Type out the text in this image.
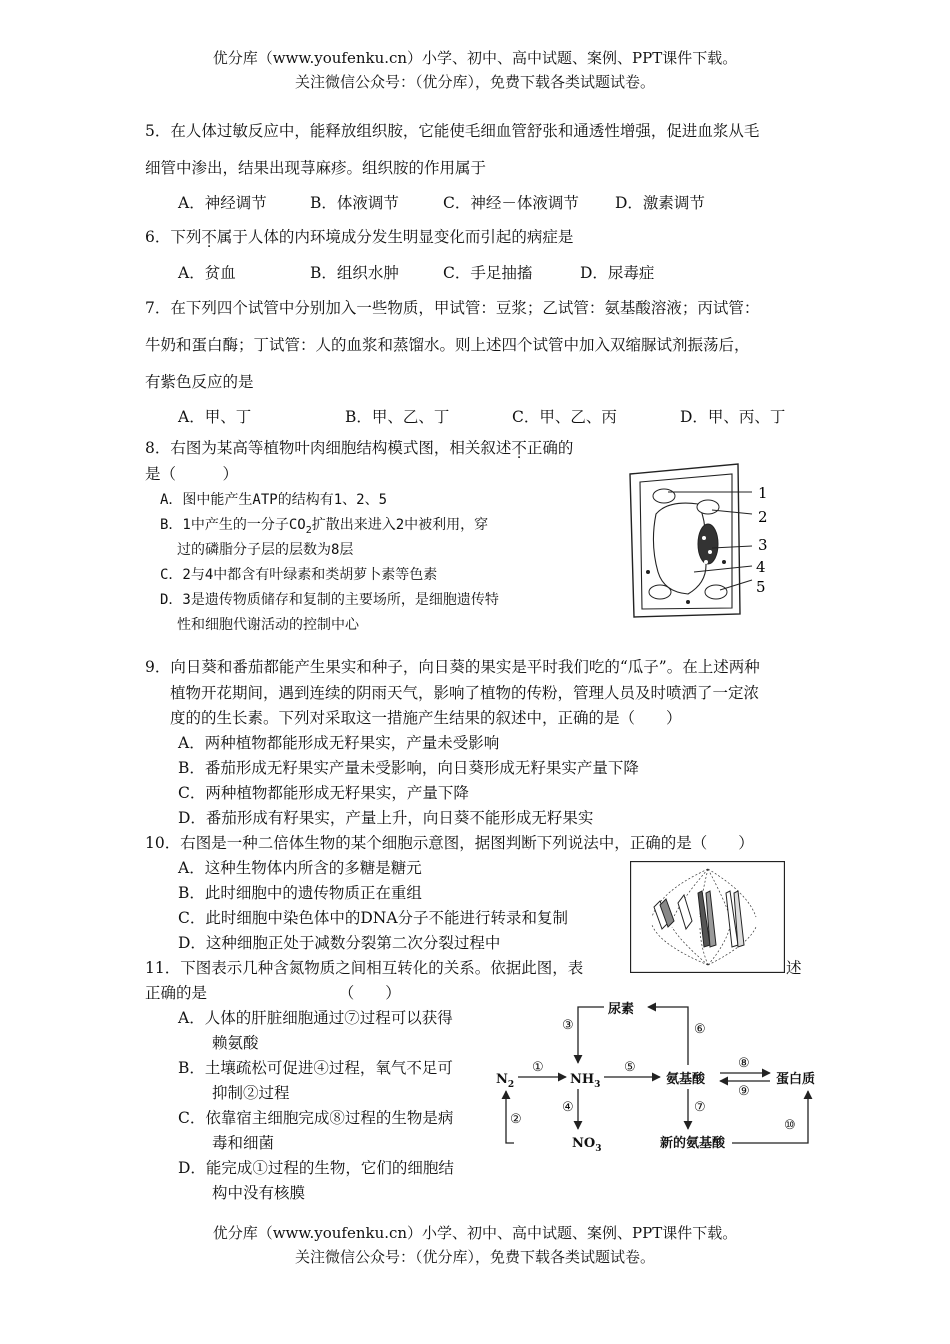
优分库（www.youfenku.cn）小学、初中、高中试题、案例、PPT课件下载。
关注微信公众号：（优分库），免费下载各类试题试卷。
5．在人体过敏反应中，能释放组织胺，它能使毛细血管舒张和通透性增强，促进血浆从毛
细管中渗出，结果出现荨麻疹。组织胺的作用属于
A．神经调节	B．体液调节	C．神经－体液调节 D．激素调节
6．下列不属于人体的内环境成分发生明显变化而引起的病症是
A．贫血	B．组织水肿	C．手足抽搐	D．尿毒症
7．在下列四个试管中分别加入一些物质，甲试管：豆浆；乙试管：氨基酸溶液；丙试管：
牛奶和蛋白酶；丁试管：人的血浆和蒸馏水。则上述四个试管中加入双缩脲试剂振荡后，
有紫色反应的是
A．甲、丁	B．甲、乙、丁	C．甲、乙、丙	D．甲、丙、丁
8．右图为某高等植物叶肉细胞结构模式图，相关叙述不正确的
是（　　　）
A．图中能产生ATP的结构有1、2、5
B．1中产生的一分子$CO_2$扩散出来进入2中被利用，穿
过的磷脂分子层的层数为8层
C．2与4中都含有叶绿素和类胡萝卜素等色素
D．3是遗传物质储存和复制的主要场所，是细胞遗传特
性和细胞代谢活动的控制中心
1
2
3
4
5
9．向日葵和番茄都能产生果实和种子，向日葵的果实是平时我们吃的“瓜子”。在上述两种
植物开花期间，遇到连续的阴雨天气，影响了植物的传粉，管理人员及时喷洒了一定浓
度的的生长素。下列对采取这一措施产生结果的叙述中，正确的是（　　）
A．两种植物都能形成无籽果实，产量未受影响
B．番茄形成无籽果实产量未受影响，向日葵形成无籽果实产量下降
C．两种植物都能形成无籽果实，产量下降
D．番茄形成有籽果实，产量上升，向日葵不能形成无籽果实
10．右图是一种二倍体生物的某个细胞示意图，据图判断下列说法中，正确的是（　　）
A．这种生物体内所含的多糖是糖元
B．此时细胞中的遗传物质正在重组
C．此时细胞中染色体中的DNA分子不能进行转录和复制
D．这种细胞正处于减数分裂第二次分裂过程中
11．下图表示几种含氮物质之间相互转化的关系。依据此图，表	述
正确的是　　　　　　　　　（　　）
A．人体的肝脏细胞通过⑦过程可以获得
赖氨酸
B．土壤疏松可促进④过程，氧气不足可
抑制②过程
C．依靠宿主细胞完成⑧过程的生物是病
毒和细菌
D．能完成①过程的生物，它们的细胞结
构中没有核膜
尿素
$N_2$	$NH_3$	氨基酸	蛋白质
$NO_3$	新的氨基酸
①
②
③
④
⑤
⑥
⑦
⑧
⑨
⑩
优分库（www.youfenku.cn）小学、初中、高中试题、案例、PPT课件下载。
关注微信公众号：（优分库），免费下载各类试题试卷。
